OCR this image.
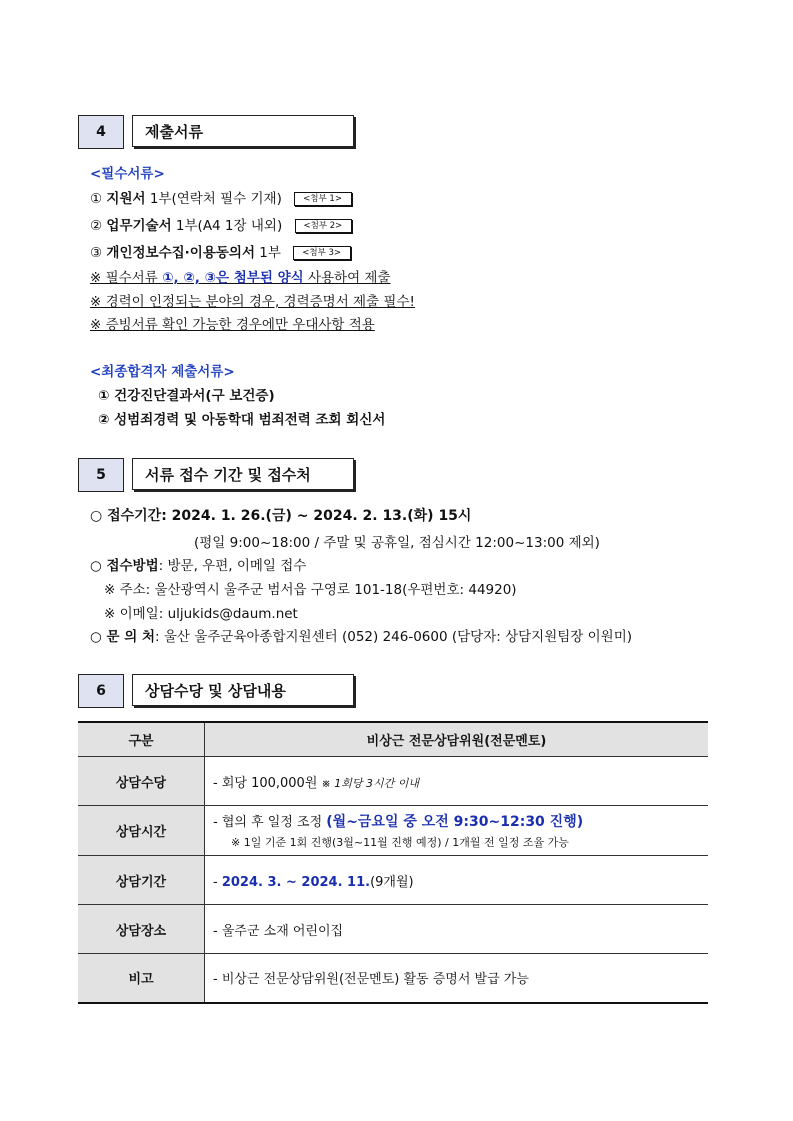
4	제출서류
<필수서류>
① 지원서 1부(연락처 필수 기재)	<첨부 1>
② 업무기술서 1부(A4 1장 내외)	<첨부 2>
③ 개인정보수집·이용동의서 1부	<첨부 3>
※ 필수서류 ①, ②, ③은 첨부된 양식 사용하여 제출
※ 경력이 인정되는 분야의 경우, 경력증명서 제출 필수!
※ 증빙서류 확인 가능한 경우에만 우대사항 적용
<최종합격자 제출서류>
① 건강진단결과서(구 보건증)
② 성범죄경력 및 아동학대 범죄전력 조회 회신서
5	서류 접수 기간 및 접수처
○ 접수기간: 2024. 1. 26.(금) ~ 2024. 2. 13.(화) 15시
(평일 9:00~18:00 / 주말 및 공휴일, 점심시간 12:00~13:00 제외)
○ 접수방법: 방문, 우편, 이메일 접수
※ 주소: 울산광역시 울주군 범서읍 구영로 101-18(우편번호: 44920)
※ 이메일: uljukids@daum.net
○ 문 의 처: 울산 울주군육아종합지원센터 (052) 246-0600 (담당자: 상담지원팀장 이원미)
6	상담수당 및 상담내용
구분	비상근 전문상담위원(전문멘토)
상담수당	- 회당 100,000원 ※ 1회당 3시간 이내
상담시간	- 협의 후 일정 조정 (월~금요일 중 오전 9:30~12:30 진행)
※ 1일 기준 1회 진행(3월~11월 진행 예정) / 1개월 전 일정 조율 가능

상담기간	- 2024. 3. ~ 2024. 11.(9개월)
상담장소	- 울주군 소재 어린이집
비고	- 비상근 전문상담위원(전문멘토) 활동 증명서 발급 가능
